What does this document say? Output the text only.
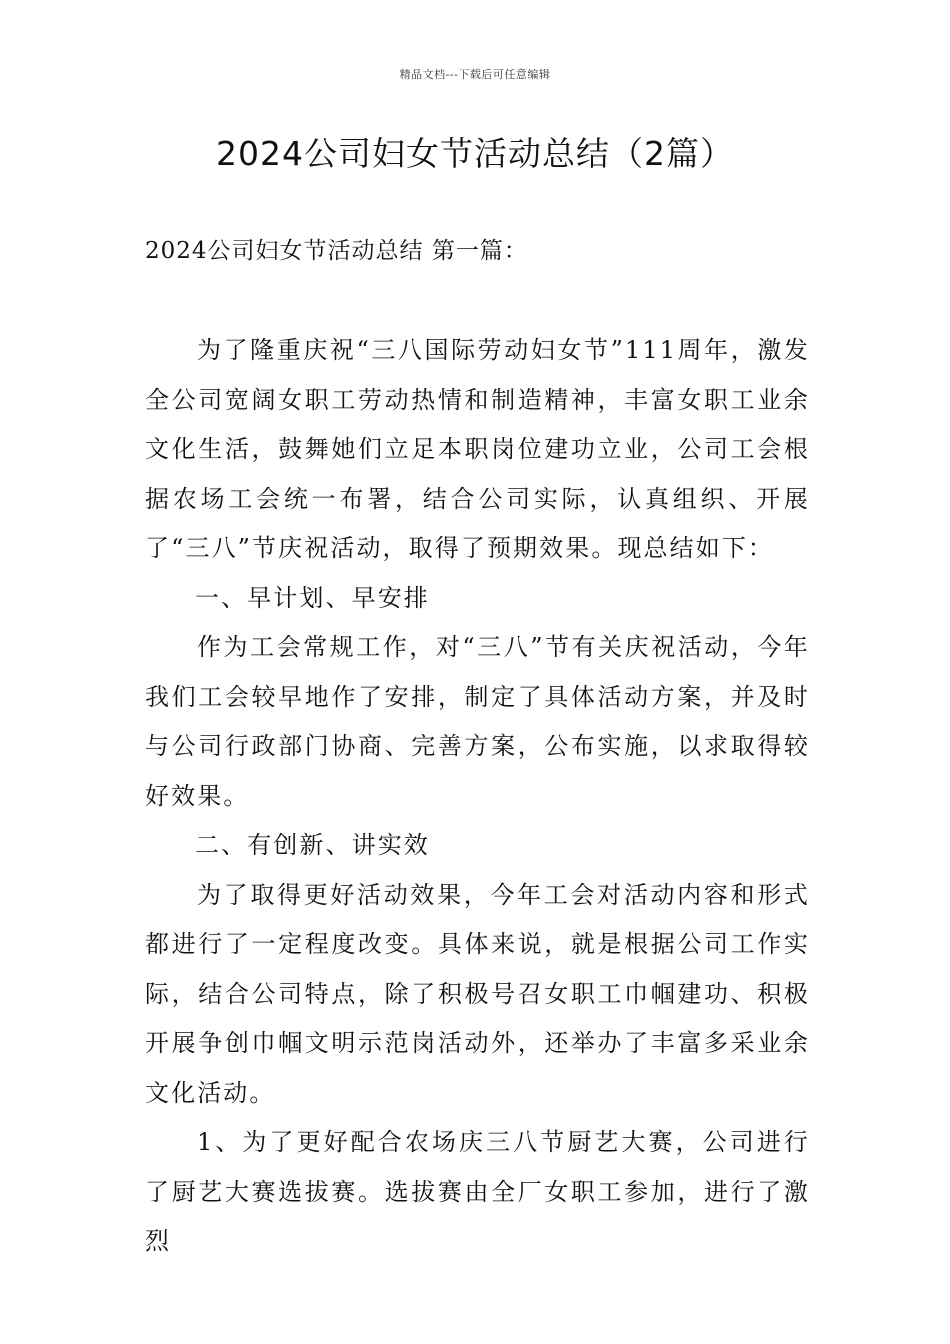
精品文档---下载后可任意编辑
2024公司妇女节活动总结（2篇）
2024公司妇女节活动总结 第一篇：

为了隆重庆祝“三八国际劳动妇女节”111周年，激发全公司宽阔女职工劳动热情和制造精神，丰富女职工业余文化生活，鼓舞她们立足本职岗位建功立业，公司工会根据农场工会统一布署，结合公司实际，认真组织、开展了“三八”节庆祝活动，取得了预期效果。现总结如下：

一、早计划、早安排

作为工会常规工作，对“三八”节有关庆祝活动，今年我们工会较早地作了安排，制定了具体活动方案，并及时与公司行政部门协商、完善方案，公布实施，以求取得较好效果。

二、有创新、讲实效

为了取得更好活动效果，今年工会对活动内容和形式都进行了一定程度改变。具体来说，就是根据公司工作实际，结合公司特点，除了积极号召女职工巾帼建功、积极开展争创巾帼文明示范岗活动外，还举办了丰富多采业余文化活动。

1、为了更好配合农场庆三八节厨艺大赛，公司进行了厨艺大赛选拔赛。选拔赛由全厂女职工参加，进行了激烈
